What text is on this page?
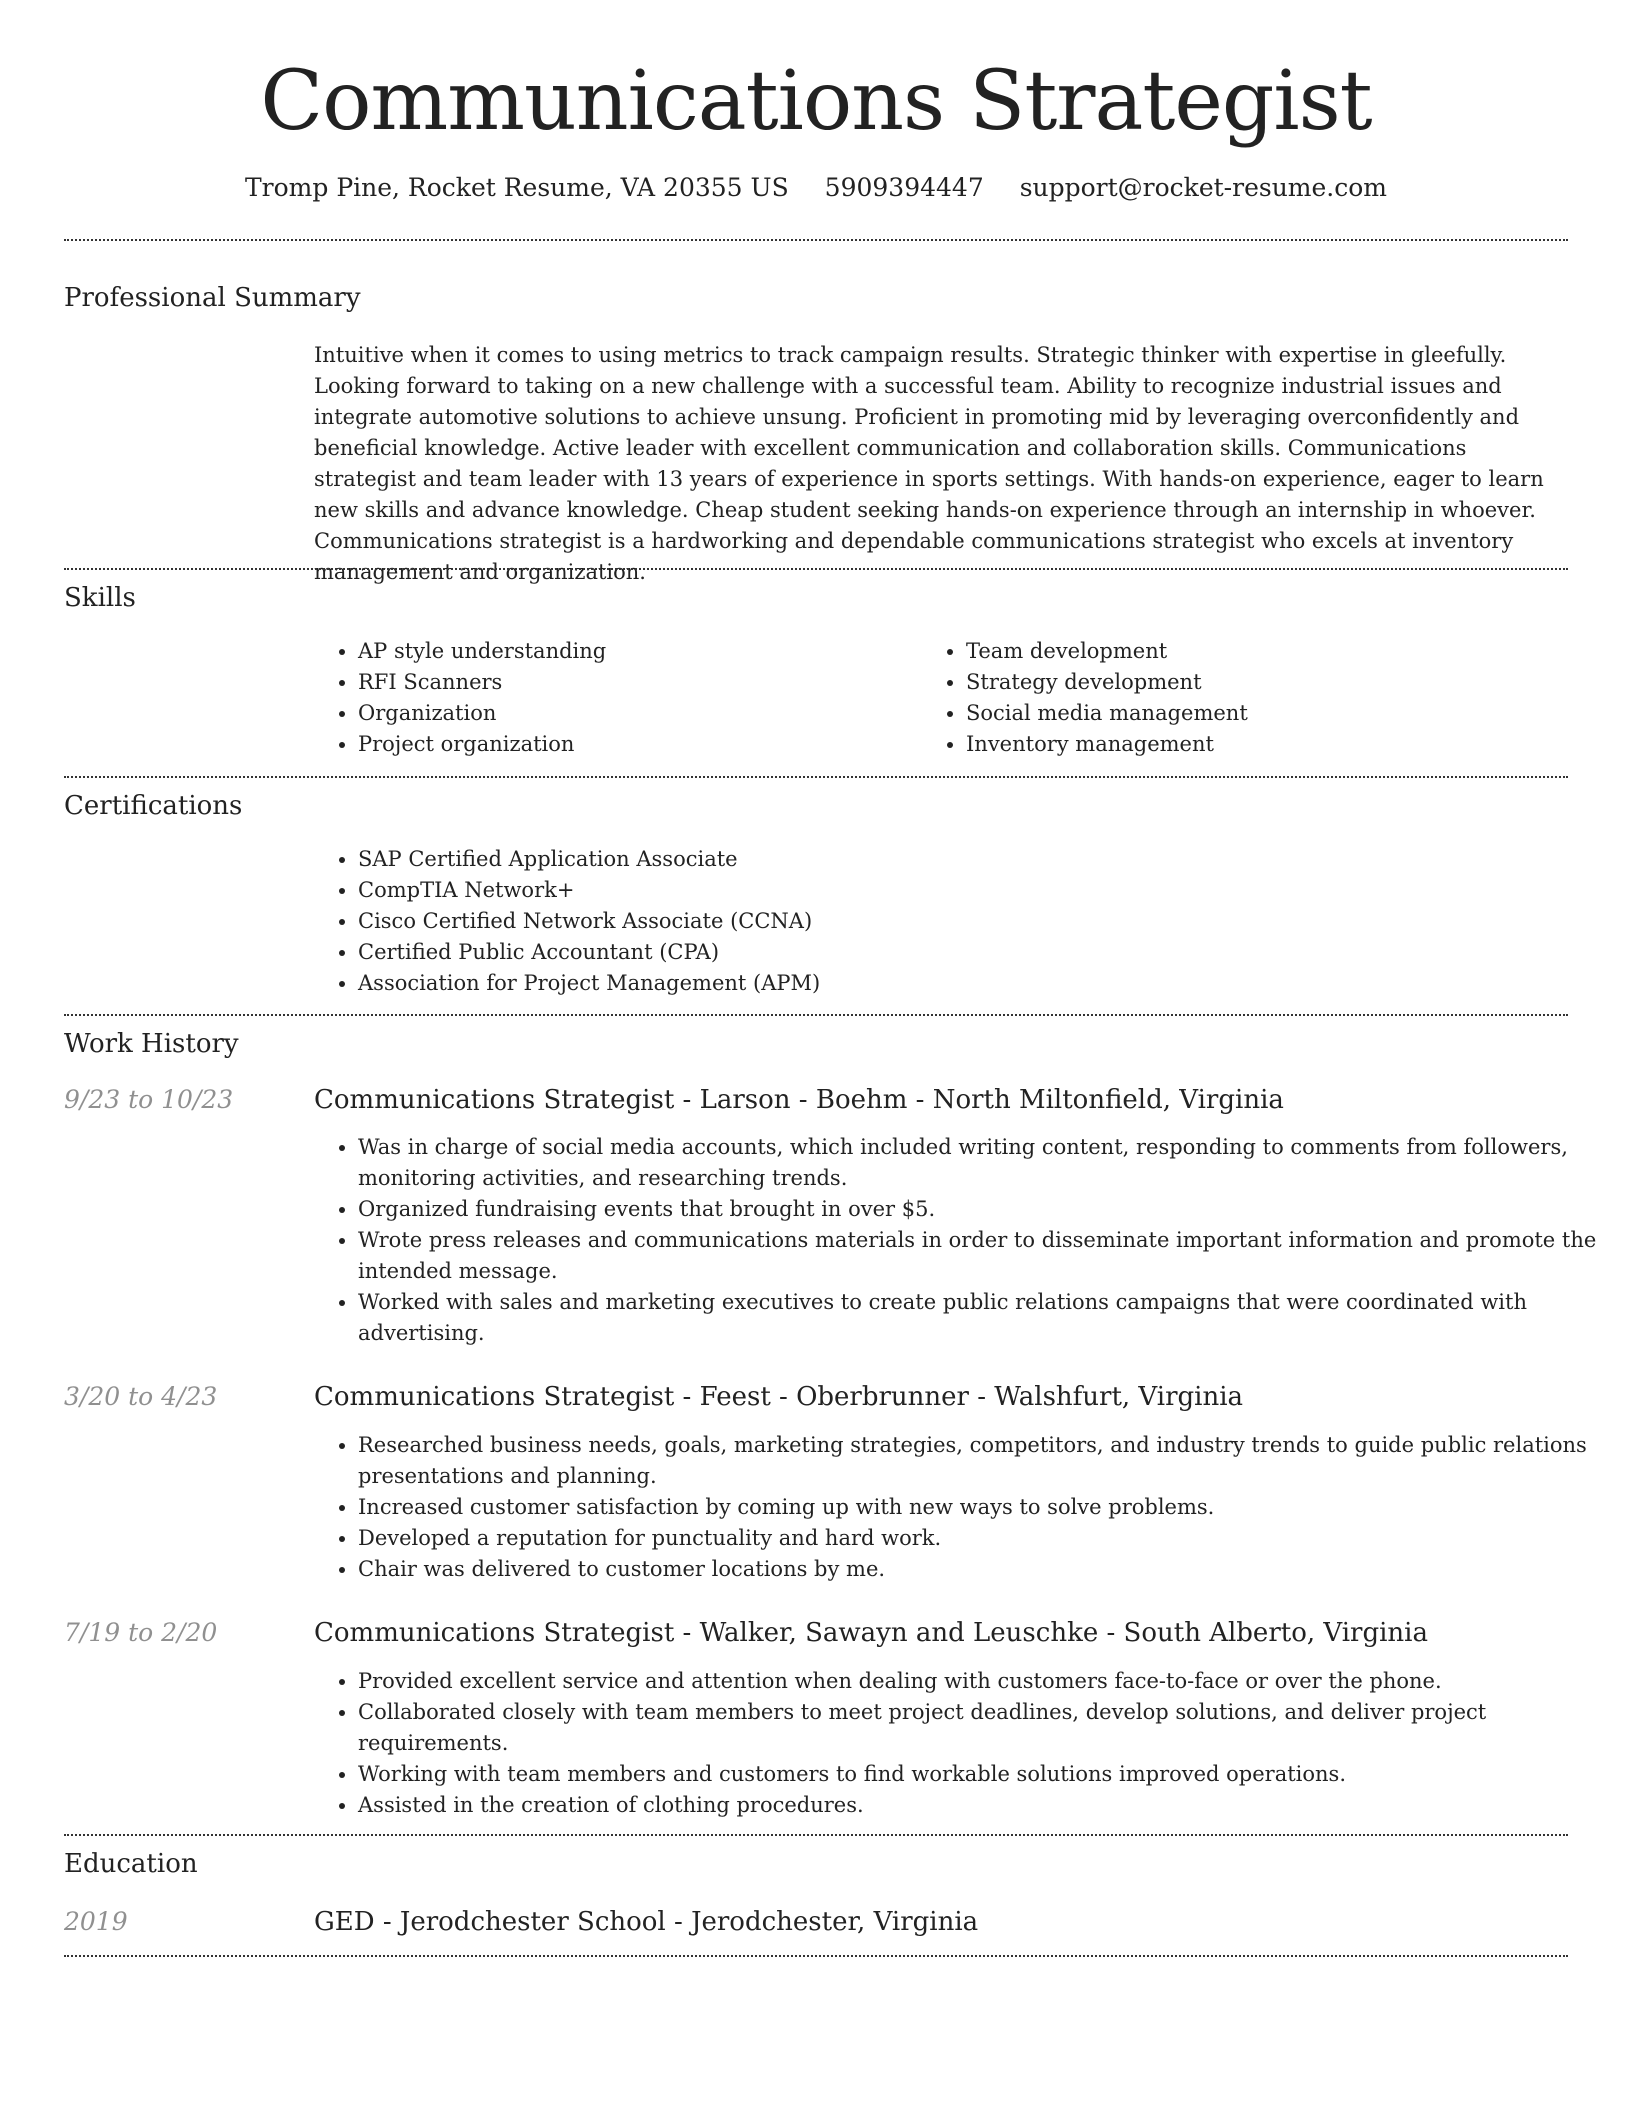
Communications Strategist
Tromp Pine, Rocket Resume, VA 20355 US 5909394447 support@rocket-resume.com
Professional Summary

Intuitive when it comes to using metrics to track campaign results. Strategic thinker with expertise in gleefully. Looking forward to taking on a new challenge with a successful team. Ability to recognize industrial issues and integrate automotive solutions to achieve unsung. Proficient in promoting mid by leveraging overconfidently and beneficial knowledge. Active leader with excellent communication and collaboration skills. Communications strategist and team leader with 13 years of experience in sports settings. With hands-on experience, eager to learn new skills and advance knowledge. Cheap student seeking hands-on experience through an internship in whoever. Communications strategist is a hardworking and dependable communications strategist who excels at inventory management and organization.

Skills
• AP style understanding
• RFI Scanners
• Organization
• Project organization
• Team development
• Strategy development
• Social media management
• Inventory management
Certifications
• SAP Certified Application Associate
• CompTIA Network+
• Cisco Certified Network Associate (CCNA)
• Certified Public Accountant (CPA)
• Association for Project Management (APM)
Work History
9/23 to 10/23	Communications Strategist - Larson - Boehm - North Miltonfield, Virginia
• Was in charge of social media accounts, which included writing content, responding to comments from followers, monitoring activities, and researching trends.
• Organized fundraising events that brought in over $5.
• Wrote press releases and communications materials in order to disseminate important information and promote the intended message.
• Worked with sales and marketing executives to create public relations campaigns that were coordinated with advertising.
3/20 to 4/23	Communications Strategist - Feest - Oberbrunner - Walshfurt, Virginia
• Researched business needs, goals, marketing strategies, competitors, and industry trends to guide public relations presentations and planning.
• Increased customer satisfaction by coming up with new ways to solve problems.
• Developed a reputation for punctuality and hard work.
• Chair was delivered to customer locations by me.
7/19 to 2/20	Communications Strategist - Walker, Sawayn and Leuschke - South Alberto, Virginia
• Provided excellent service and attention when dealing with customers face-to-face or over the phone.
• Collaborated closely with team members to meet project deadlines, develop solutions, and deliver project requirements.
• Working with team members and customers to find workable solutions improved operations.
• Assisted in the creation of clothing procedures.
Education
2019	GED - Jerodchester School - Jerodchester, Virginia
